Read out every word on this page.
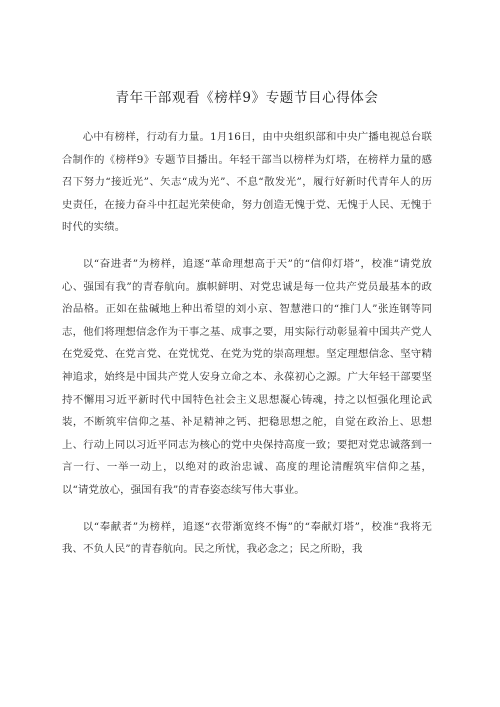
青年干部观看《榜样9》专题节目心得体会

心中有榜样，行动有力量。1月16日，由中央组织部和中央广播电视总台联合制作的《榜样9》专题节目播出。年轻干部当以榜样为灯塔，在榜样力量的感召下努力“接近光”、矢志“成为光”、不息“散发光”，履行好新时代青年人的历史责任，在接力奋斗中扛起光荣使命，努力创造无愧于党、无愧于人民、无愧于时代的实绩。

以“奋进者”为榜样，追逐“革命理想高于天”的“信仰灯塔”，校准“请党放心、强国有我”的青春航向。旗帜鲜明、对党忠诚是每一位共产党员最基本的政治品格。正如在盐碱地上种出希望的刘小京、智慧港口的“推门人”张连钢等同志，他们将理想信念作为干事之基、成事之要，用实际行动彰显着中国共产党人在党爱党、在党言党、在党忧党、在党为党的崇高理想。坚定理想信念、坚守精神追求，始终是中国共产党人安身立命之本、永葆初心之源。广大年轻干部要坚持不懈用习近平新时代中国特色社会主义思想凝心铸魂，持之以恒强化理论武装，不断筑牢信仰之基、补足精神之钙、把稳思想之舵，自觉在政治上、思想上、行动上同以习近平同志为核心的党中央保持高度一致；要把对党忠诚落到一言一行、一举一动上，以绝对的政治忠诚、高度的理论清醒筑牢信仰之基，以“请党放心，强国有我”的青春姿态续写伟大事业。

以“奉献者”为榜样，追逐“衣带渐宽终不悔”的“奉献灯塔”，校准“我将无我、不负人民”的青春航向。民之所忧，我必念之；民之所盼，我
